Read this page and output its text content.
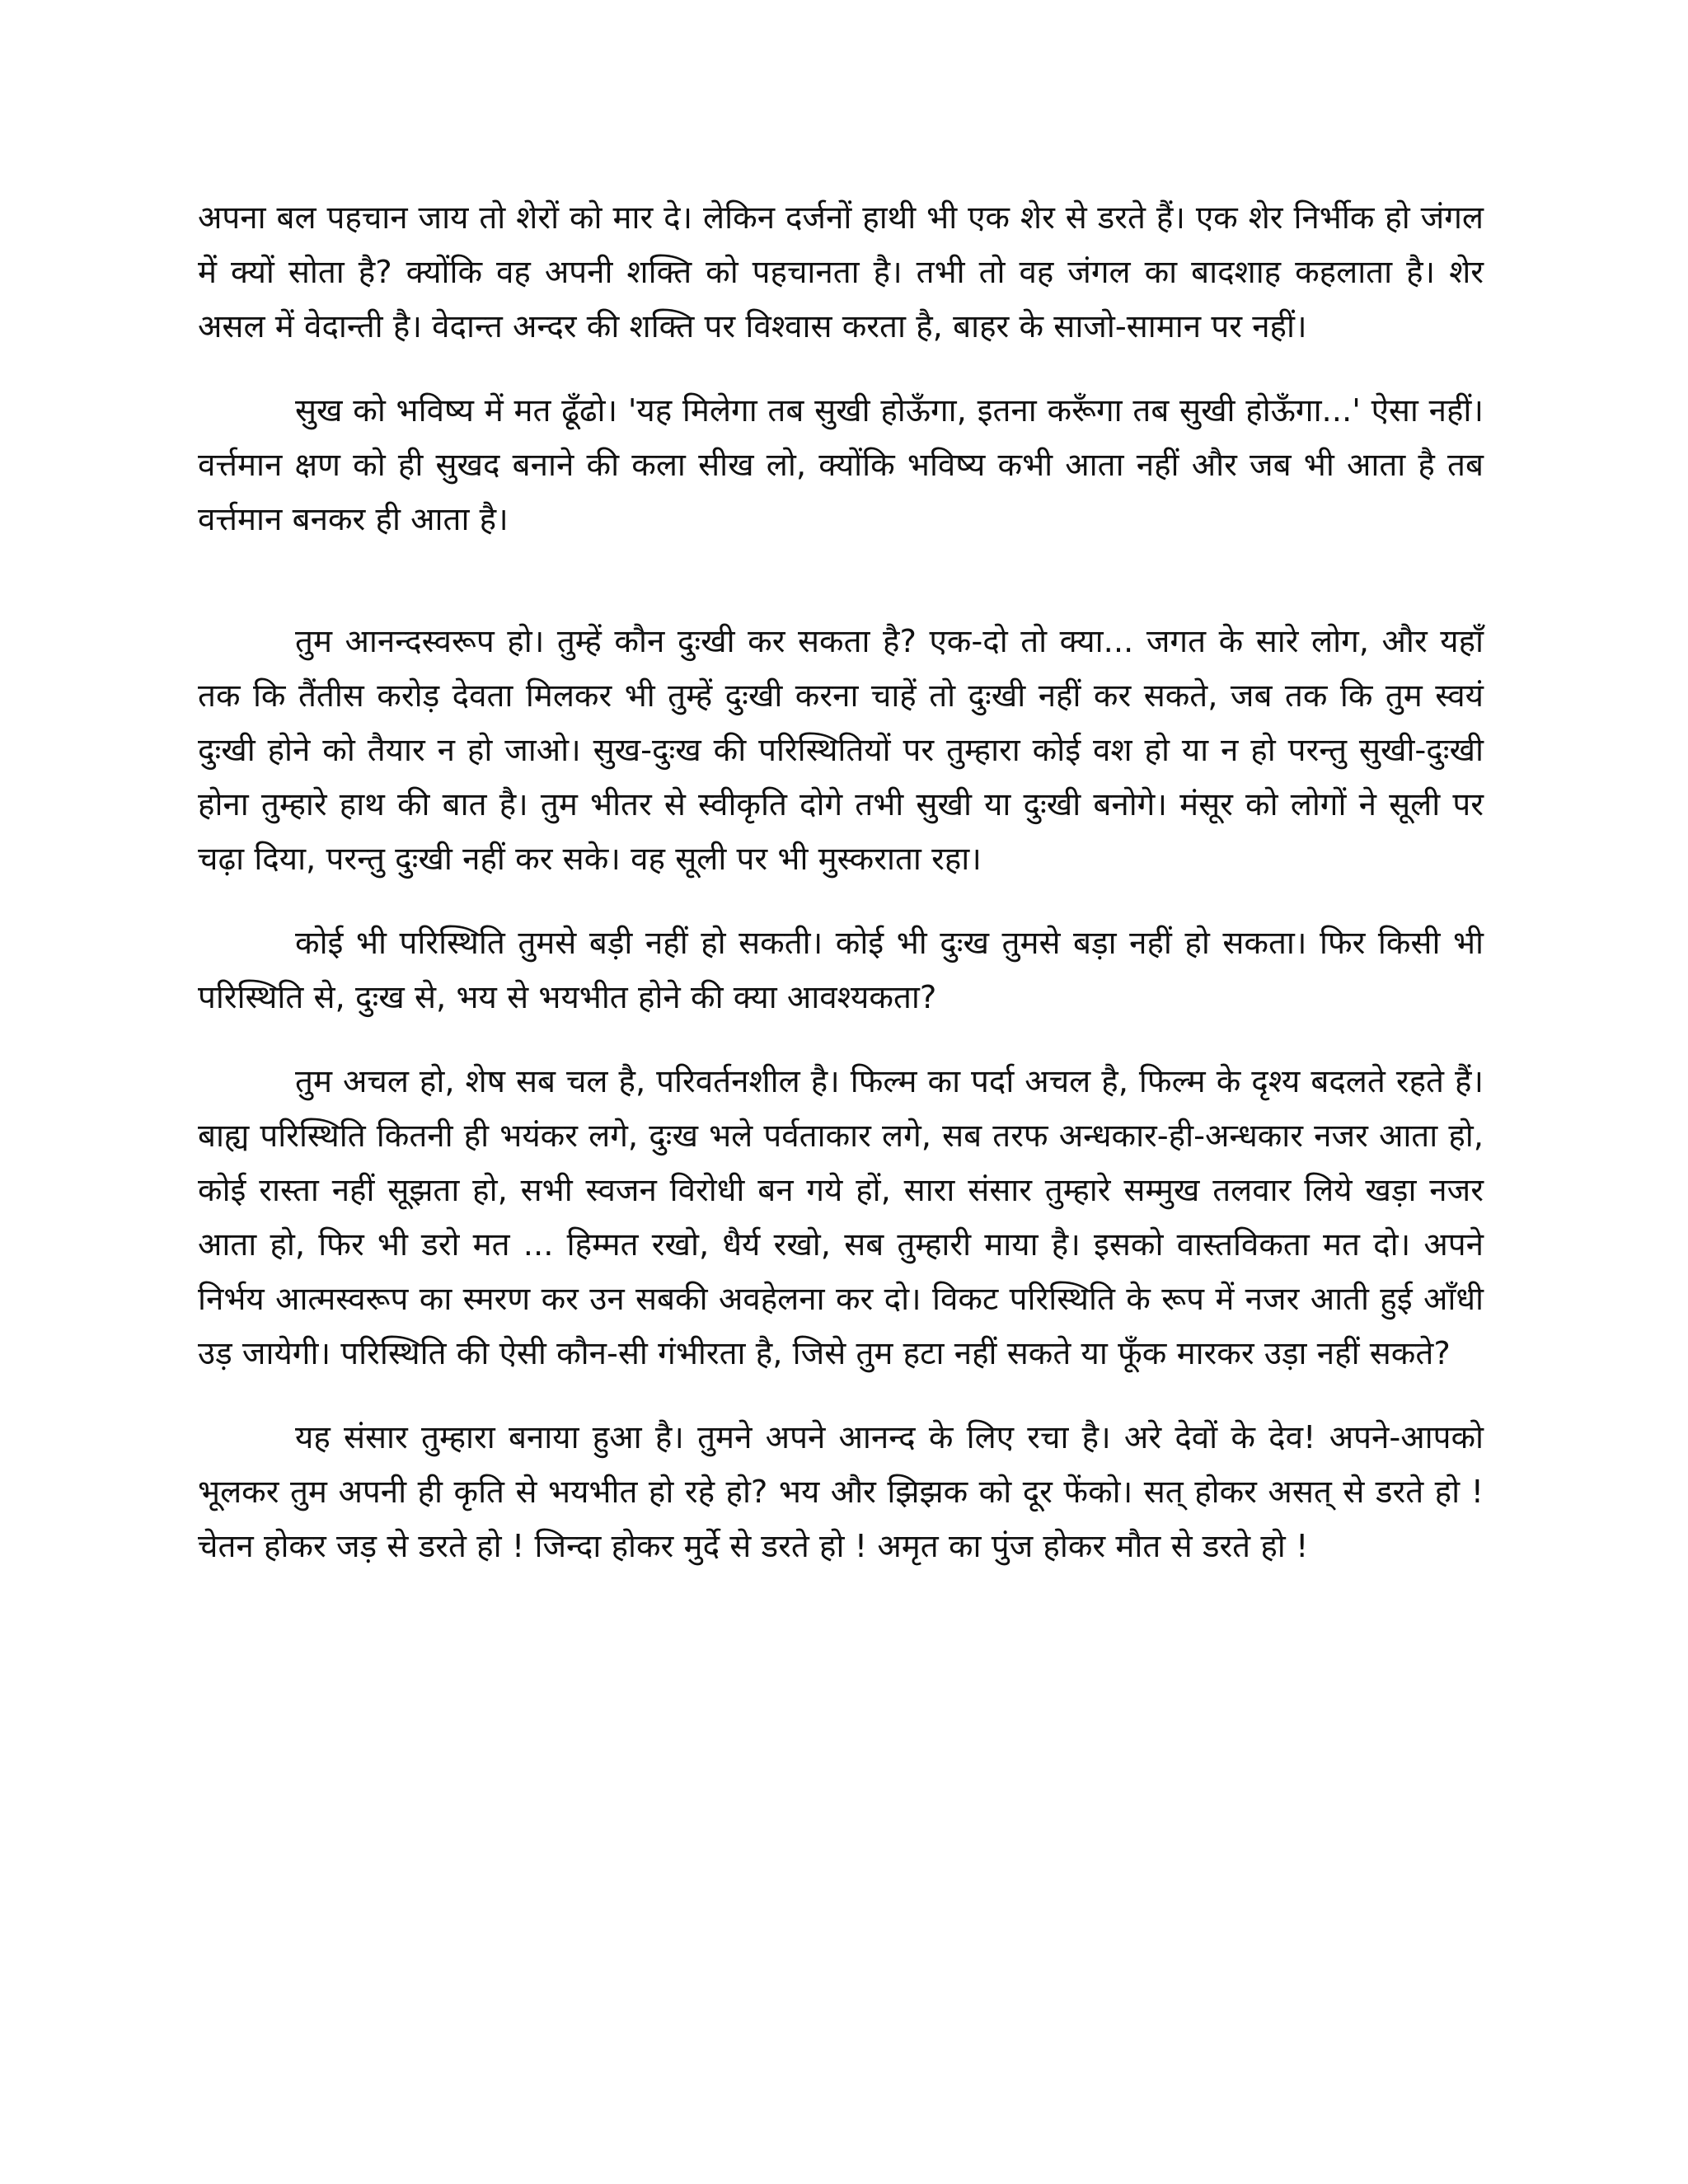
अपना बल पहचान जाय तो शेरों को मार दे। लेकिन दर्जनों हाथी भी एक शेर से डरते हैं। एक शेर निर्भीक हो जंगल में क्यों सोता है? क्योंकि वह अपनी शक्ति को पहचानता है। तभी तो वह जंगल का बादशाह कहलाता है। शेर असल में वेदान्ती है। वेदान्त अन्दर की शक्ति पर विश्वास करता है, बाहर के साजो-सामान पर नहीं।

सुख को भविष्य में मत ढूँढो। 'यह मिलेगा तब सुखी होऊँगा, इतना करूँगा तब सुखी होऊँगा...' ऐसा नहीं। वर्त्तमान क्षण को ही सुखद बनाने की कला सीख लो, क्योंकि भविष्य कभी आता नहीं और जब भी आता है तब वर्त्तमान बनकर ही आता है।

तुम आनन्दस्वरूप हो। तुम्हें कौन दुःखी कर सकता है? एक-दो तो क्या... जगत के सारे लोग, और यहाँ तक कि तैंतीस करोड़ देवता मिलकर भी तुम्हें दुःखी करना चाहें तो दुःखी नहीं कर सकते, जब तक कि तुम स्वयं दुःखी होने को तैयार न हो जाओ। सुख-दुःख की परिस्थितियों पर तुम्हारा कोई वश हो या न हो परन्तु सुखी-दुःखी होना तुम्हारे हाथ की बात है। तुम भीतर से स्वीकृति दोगे तभी सुखी या दुःखी बनोगे। मंसूर को लोगों ने सूली पर चढ़ा दिया, परन्तु दुःखी नहीं कर सके। वह सूली पर भी मुस्कराता रहा।

कोई भी परिस्थिति तुमसे बड़ी नहीं हो सकती। कोई भी दुःख तुमसे बड़ा नहीं हो सकता। फिर किसी भी परिस्थिति से, दुःख से, भय से भयभीत होने की क्या आवश्यकता?

तुम अचल हो, शेष सब चल है, परिवर्तनशील है। फिल्म का पर्दा अचल है, फिल्म के दृश्य बदलते रहते हैं। बाह्य परिस्थिति कितनी ही भयंकर लगे, दुःख भले पर्वताकार लगे, सब तरफ अन्धकार-ही-अन्धकार नजर आता हो, कोई रास्ता नहीं सूझता हो, सभी स्वजन विरोधी बन गये हों, सारा संसार तुम्हारे सम्मुख तलवार लिये खड़ा नजर आता हो, फिर भी डरो मत ... हिम्मत रखो, धैर्य रखो, सब तुम्हारी माया है। इसको वास्तविकता मत दो। अपने निर्भय आत्मस्वरूप का स्मरण कर उन सबकी अवहेलना कर दो। विकट परिस्थिति के रूप में नजर आती हुई आँधी उड़ जायेगी। परिस्थिति की ऐसी कौन-सी गंभीरता है, जिसे तुम हटा नहीं सकते या फूँक मारकर उड़ा नहीं सकते?

यह संसार तुम्हारा बनाया हुआ है। तुमने अपने आनन्द के लिए रचा है। अरे देवों के देव! अपने-आपको भूलकर तुम अपनी ही कृति से भयभीत हो रहे हो? भय और झिझक को दूर फेंको। सत् होकर असत् से डरते हो ! चेतन होकर जड़ से डरते हो ! जिन्दा होकर मुर्दे से डरते हो ! अमृत का पुंज होकर मौत से डरते हो !
